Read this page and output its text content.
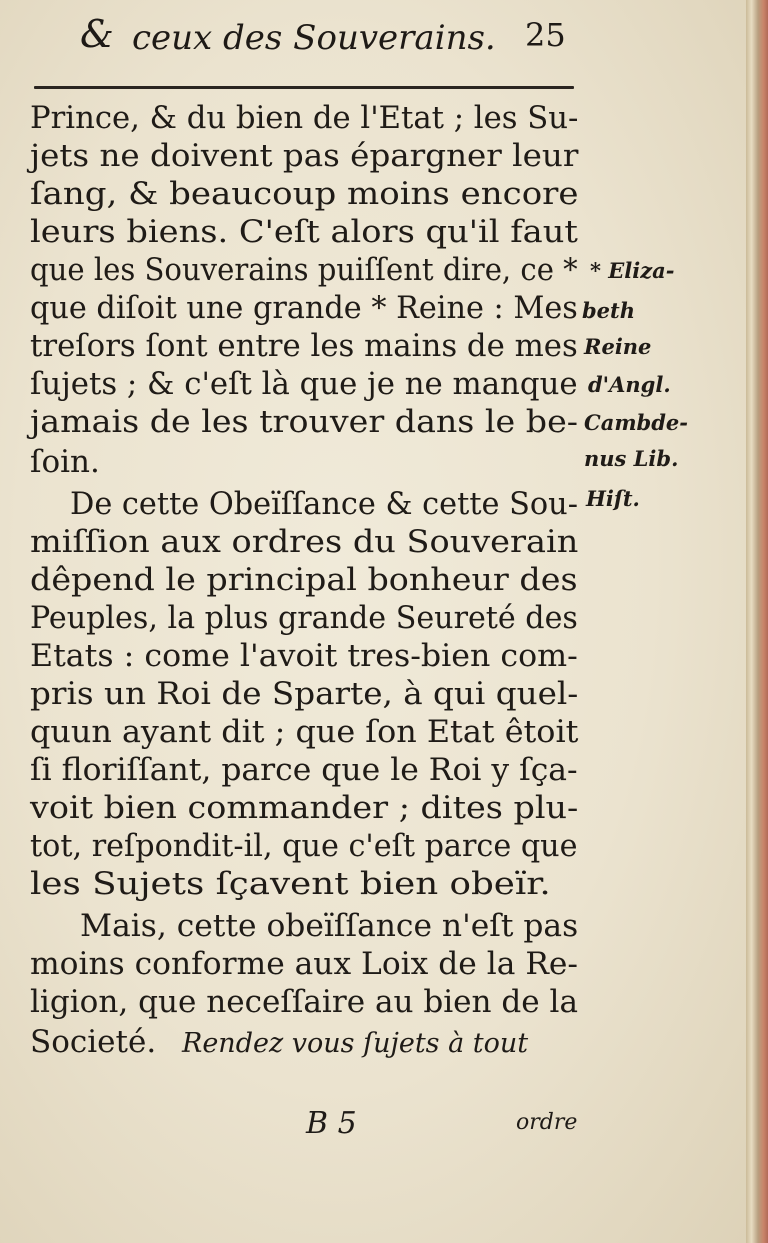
& ceux des Souverains. 25
Prince, & du bien de l'Etat ; les Su-
jets ne doivent pas épargner leur
ſang, & beaucoup moins encore
leurs biens. C'eſt alors qu'il faut
que les Souverains puiſſent dire, ce *
que diſoit une grande * Reine : Mes
treſors ſont entre les mains de mes
ſujets ; & c'eſt là que je ne manque
jamais de les trouver dans le be-
ſoin.
De cette Obeïſſance & cette Sou-
miſſion aux ordres du Souverain
dêpend le principal bonheur des
Peuples, la plus grande Seureté des
Etats : come l'avoit tres-bien com-
pris un Roi de Sparte, à qui quel-
quun ayant dit ; que ſon Etat êtoit
ſi floriſſant, parce que le Roi y ſça-
voit bien commander ; dites plu-
tot, reſpondit-il, que c'eſt parce que
les Sujets ſçavent bien obeïr.
Mais, cette obeïſſance n'eſt pas
moins conforme aux Loix de la Re-
ligion, que neceſſaire au bien de la
Societé. Rendez vous ſujets à tout
* Eliza-
beth
Reine
d'Angl.
Cambde-
nus Lib.
Hiſt.
B 5	ordre
